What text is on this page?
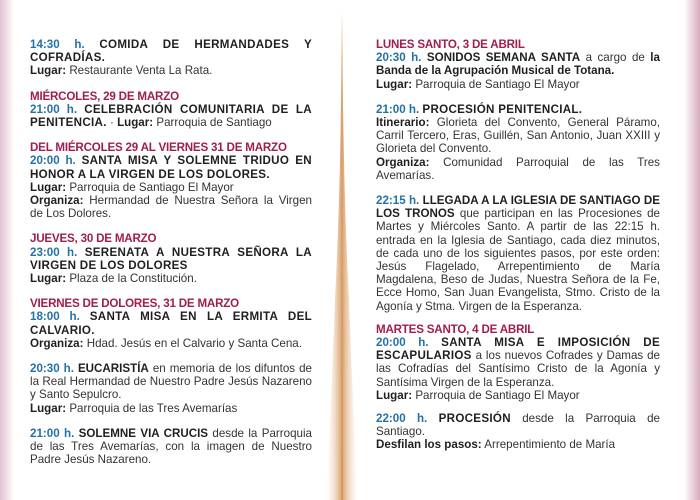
14:30 h. COMIDA DE HERMANDADES Y COFRADÍAS.
Lugar: Restaurante Venta La Rata.

MIÉRCOLES, 29 DE MARZO
21:00 h. CELEBRACIÓN COMUNITARIA DE LA PENITENCIA. · Lugar: Parroquia de Santiago

DEL MIÉRCOLES 29 AL VIERNES 31 DE MARZO
20:00 h. SANTA MISA Y SOLEMNE TRIDUO EN HONOR A LA VIRGEN DE LOS DOLORES.
Lugar: Parroquia de Santiago El Mayor
Organiza: Hermandad de Nuestra Señora la Virgen de Los Dolores.

JUEVES, 30 DE MARZO
23:00 h. SERENATA A NUESTRA SEÑORA LA VIRGEN DE LOS DOLORES
Lugar: Plaza de la Constitución.

VIERNES DE DOLORES, 31 DE MARZO
18:00 h. SANTA MISA EN LA ERMITA DEL CALVARIO.
Organiza: Hdad. Jesús en el Calvario y Santa Cena.

20:30 h. EUCARISTÍA en memoria de los difuntos de la Real Hermandad de Nuestro Padre Jesús Nazareno y Santo Sepulcro.
Lugar: Parroquia de las Tres Avemarías

21:00 h. SOLEMNE VIA CRUCIS desde la Parroquia de las Tres Avemarías, con la imagen de Nuestro Padre Jesús Nazareno.

LUNES SANTO, 3 DE ABRIL
20:30 h. SONIDOS SEMANA SANTA a cargo de la Banda de la Agrupación Musical de Totana.
Lugar: Parroquia de Santiago El Mayor

21:00 h. PROCESIÓN PENITENCIAL.
Itinerario: Glorieta del Convento, General Páramo, Carril Tercero, Eras, Guillén, San Antonio, Juan XXIII y Glorieta del Convento.
Organiza: Comunidad Parroquial de las Tres Avemarías.

22:15 h. LLEGADA A LA IGLESIA DE SANTIAGO DE LOS TRONOS que participan en las Procesiones de Martes y Miércoles Santo. A partir de las 22:15 h. entrada en la Iglesia de Santiago, cada diez minutos, de cada uno de los siguientes pasos, por este orden: Jesús Flagelado, Arrepentimiento de María Magdalena, Beso de Judas, Nuestra Señora de la Fe, Ecce Homo, San Juan Evangelista, Stmo. Cristo de la Agonía y Stma. Virgen de la Esperanza.

MARTES SANTO, 4 DE ABRIL
20:00 h. SANTA MISA E IMPOSICIÓN DE ESCAPULARIOS a los nuevos Cofrades y Damas de las Cofradías del Santísimo Cristo de la Agonía y Santísima Virgen de la Esperanza.
Lugar: Parroquia de Santiago El Mayor

22:00 h. PROCESIÓN desde la Parroquia de Santiago.
Desfilan los pasos: Arrepentimiento de María
